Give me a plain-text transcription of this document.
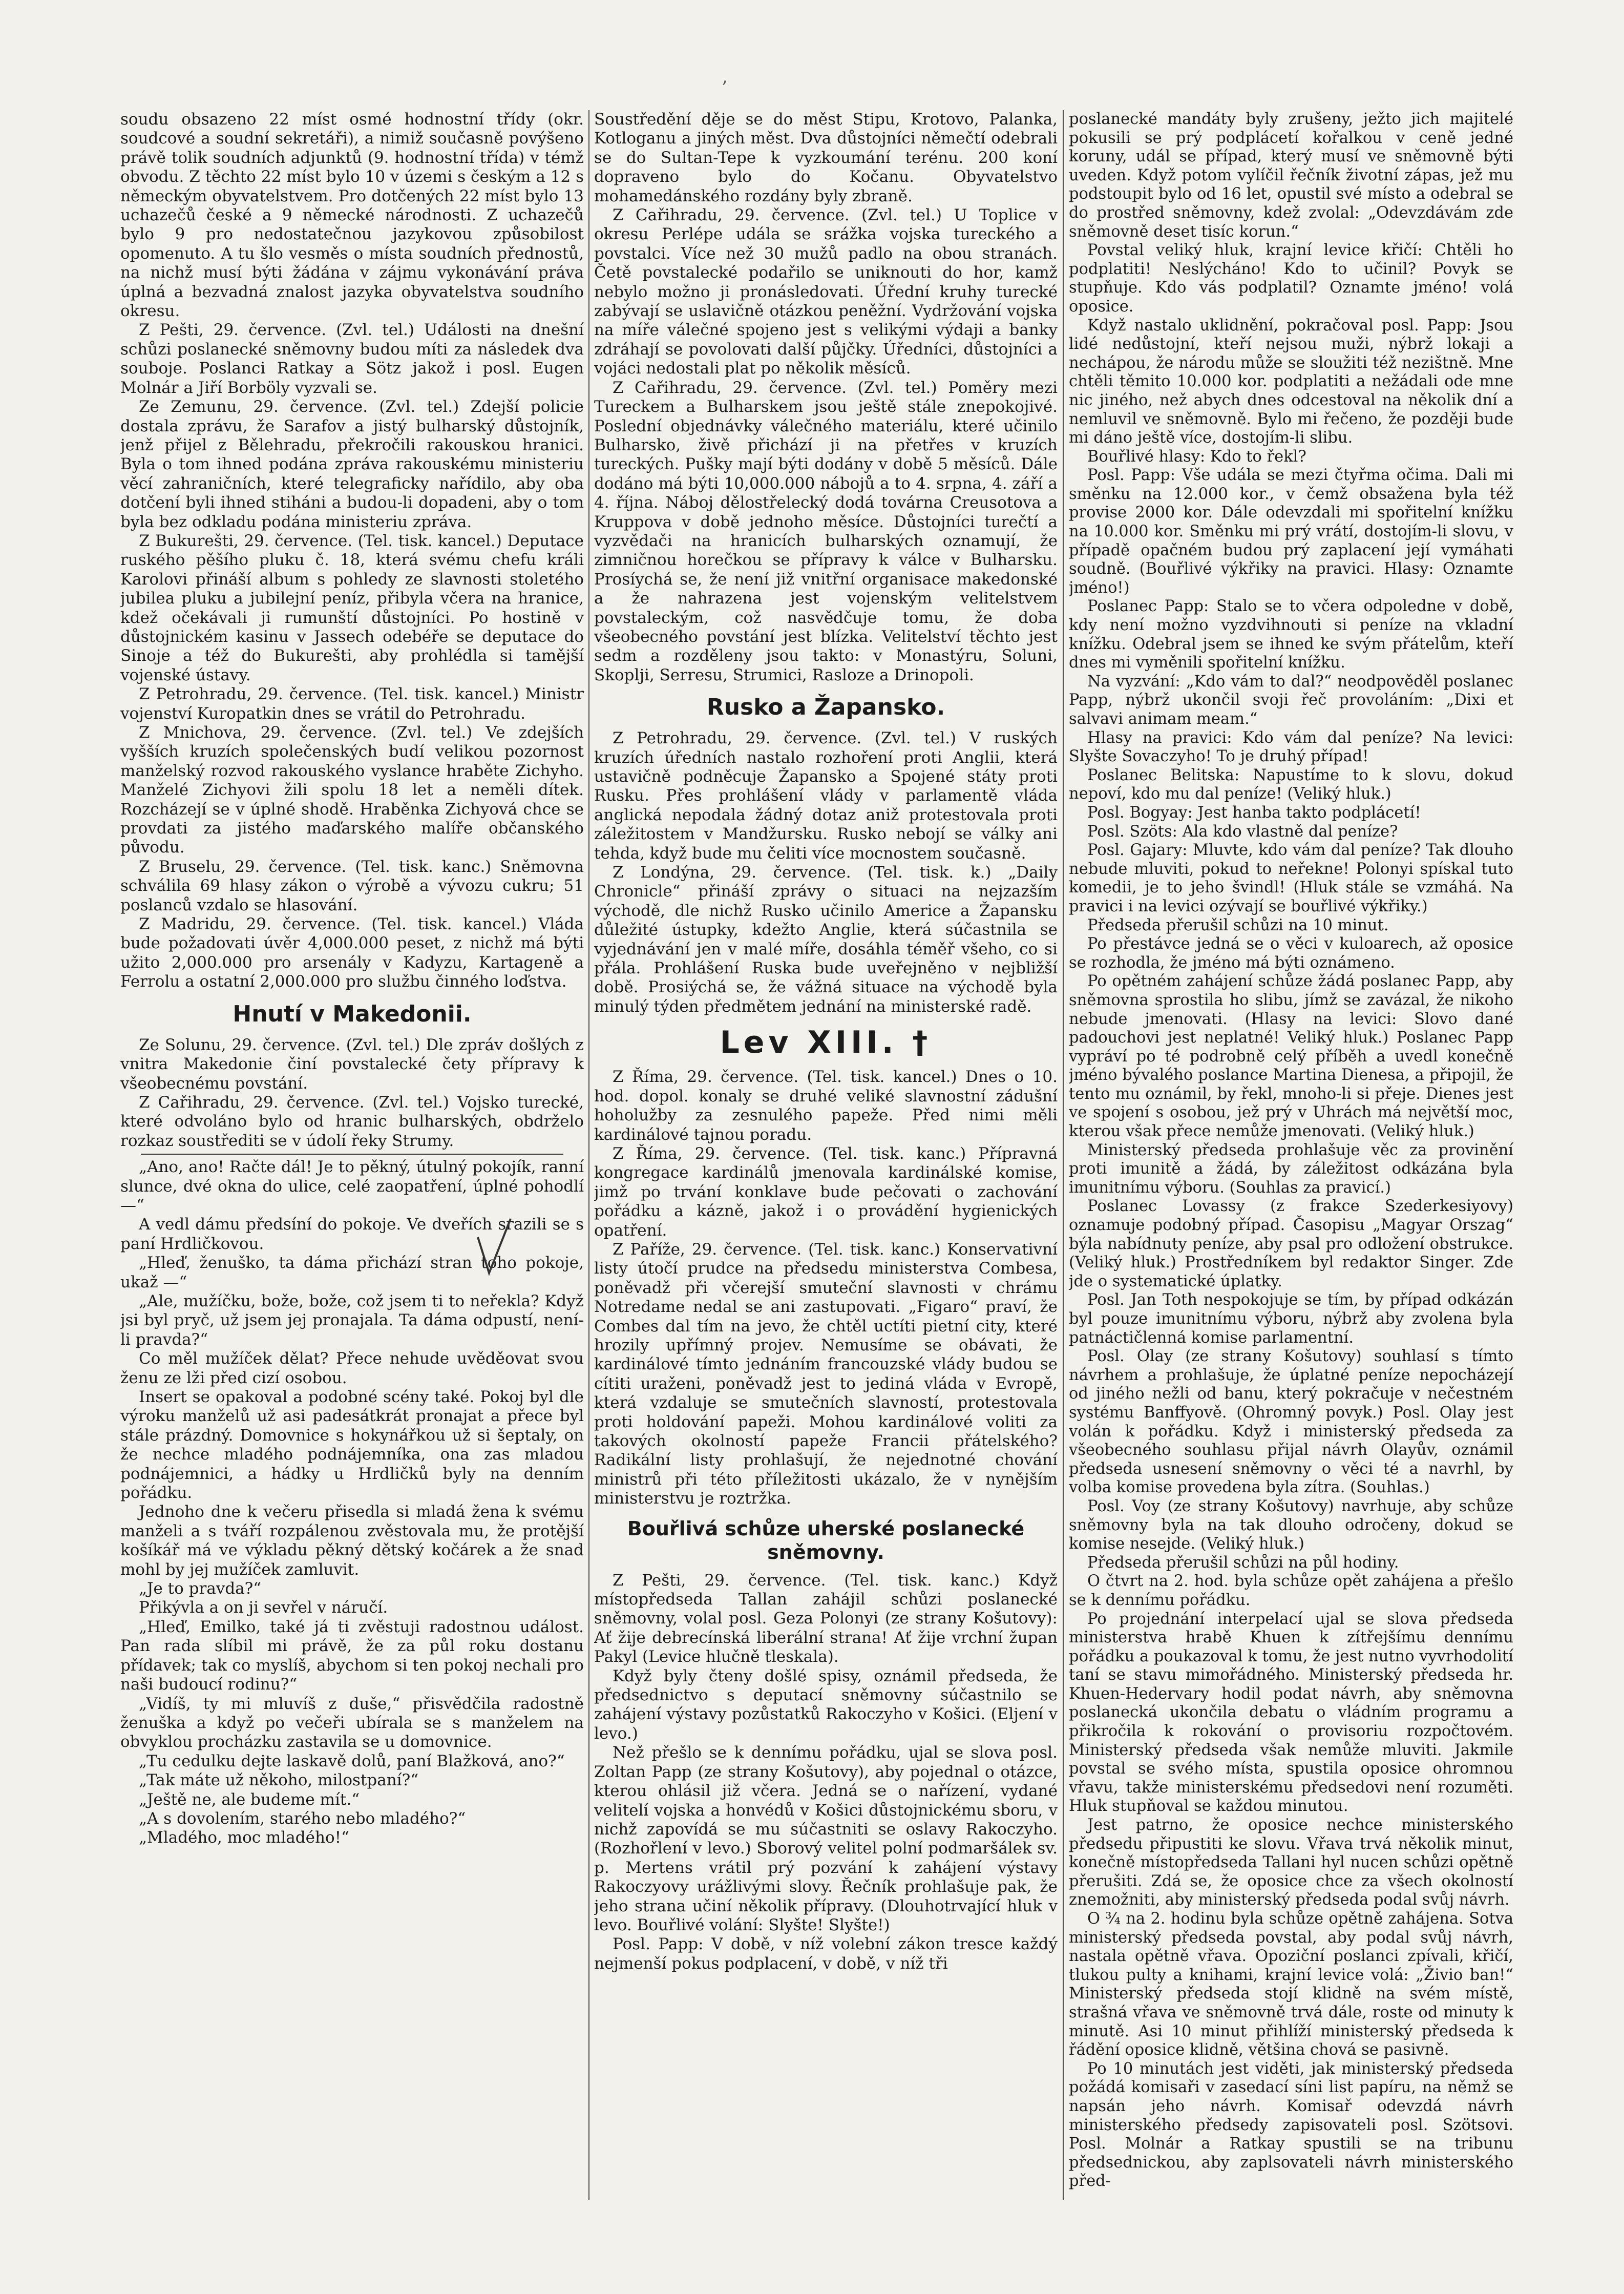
,

soudu obsazeno 22 míst osmé hodnostní třídy (okr. soudcové a soudní sekretáři), a nimiž současně povýšeno právě tolik soudních adjunktů (9. hodnostní třída) v témž obvodu. Z těchto 22 míst bylo 10 v územi s českým a 12 s německým obyvatelstvem. Pro dotčených 22 míst bylo 13 uchazečů české a 9 německé národnosti. Z uchazečů bylo 9 pro nedostatečnou jazykovou způsobilost opomenuto. A tu šlo vesměs o místa soudních přednostů, na nichž musí býti žádána v zájmu vykonávání práva úplná a bezvadná znalost jazyka obyvatelstva soudního okresu.

Z Pešti, 29. července. (Zvl. tel.) Události na dnešní schůzi poslanecké sněmovny budou míti za následek dva souboje. Poslanci Ratkay a Sötz jakož i posl. Eugen Molnár a Jiří Borböly vyzvali se.

Ze Zemunu, 29. července. (Zvl. tel.) Zdejší policie dostala zprávu, že Sarafov a jistý bulharský důstojník, jenž přijel z Bělehradu, překročili rakouskou hranici. Byla o tom ihned podána zpráva rakouskému ministeriu věcí zahraničních, které telegraficky nařídilo, aby oba dotčení byli ihned stiháni a budou-li dopadeni, aby o tom byla bez odkladu podána ministeriu zpráva.

Z Bukurešti, 29. července. (Tel. tisk. kancel.) Deputace ruského pěšího pluku č. 18, která svému chefu králi Karolovi přináší album s pohledy ze slavnosti stoletého jubilea pluku a jubilejní peníz, přibyla včera na hranice, kdež očekávali ji rumunští důstojníci. Po hostině v důstojnickém kasinu v Jassech odebéře se deputace do Sinoje a též do Bukurešti, aby prohlédla si tamější vojenské ústavy.

Z Petrohradu, 29. července. (Tel. tisk. kancel.) Ministr vojenství Kuropatkin dnes se vrátil do Petrohradu.

Z Mnichova, 29. července. (Zvl. tel.) Ve zdejších vyšších kruzích společenských budí velikou pozornost manželský rozvod rakouského vyslance hraběte Zichyho. Manželé Zichyovi žili spolu 18 let a neměli dítek. Rozcházejí se v úplné shodě. Hraběnka Zichyová chce se provdati za jistého maďarského malíře občanského původu.

Z Bruselu, 29. července. (Tel. tisk. kanc.) Sněmovna schválila 69 hlasy zákon o výrobě a vývozu cukru; 51 poslanců vzdalo se hlasování.

Z Madridu, 29. července. (Tel. tisk. kancel.) Vláda bude požadovati úvěr 4,000.000 peset, z nichž má býti užito 2,000.000 pro arsenály v Kadyzu, Kartageně a Ferrolu a ostatní 2,000.000 pro službu činného loďstva.

Hnutí v Makedonii.

Ze Solunu, 29. července. (Zvl. tel.) Dle zpráv došlých z vnitra Makedonie činí povstalecké čety přípravy k všeobecnému povstání.

Z Cařihradu, 29. července. (Zvl. tel.) Vojsko turecké, které odvoláno bylo od hranic bulharských, obdrželo rozkaz soustřediti se v údolí řeky Strumy.

„Ano, ano! Račte dál! Je to pěkný, útulný pokojík, ranní slunce, dvé okna do ulice, celé zaopatření, úplné pohodlí —“

A vedl dámu předsíní do pokoje. Ve dveřích srazili se s paní Hrdličkovou.

„Hleď, ženuško, ta dáma přichází stran toho pokoje, ukaž —“

„Ale, mužíčku, bože, bože, což jsem ti to neřekla? Když jsi byl pryč, už jsem jej pronajala. Ta dáma odpustí, není-li pravda?“

Co měl mužíček dělat? Přece nehude uvěděovat svou ženu ze lži před cizí osobou.

Insert se opakoval a podobné scény také. Pokoj byl dle výroku manželů už asi padesátkrát pronajat a přece byl stále prázdný. Domovnice s hokynářkou už si šeptaly, on že nechce mladého podnájemníka, ona zas mladou podnájemnici, a hádky u Hrdličků byly na denním pořádku.

Jednoho dne k večeru přisedla si mladá žena k svému manželi a s tváří rozpálenou zvěstovala mu, že protější košíkář má ve výkladu pěkný dětský kočárek a že snad mohl by jej mužíček zamluvit.

„Je to pravda?“

Přikývla a on ji sevřel v náručí.

„Hleď, Emilko, také já ti zvěstuji radostnou událost. Pan rada slíbil mi právě, že za půl roku dostanu přídavek; tak co myslíš, abychom si ten pokoj nechali pro naši budoucí rodinu?“

„Vidíš, ty mi mluvíš z duše,“ přisvědčila radostně ženuška a když po večeři ubírala se s manželem na obvyklou procházku zastavila se u domovnice.

„Tu cedulku dejte laskavě dolů, paní Blažková, ano?“

„Tak máte už někoho, milostpaní?“

„Ještě ne, ale budeme mít.“

„A s dovolením, starého nebo mladého?“

„Mladého, moc mladého!“

Soustředění děje se do měst Stipu, Krotovo, Palanka, Kotloganu a jiných měst. Dva důstojníci němečtí odebrali se do Sultan-Tepe k vyzkoumání terénu. 200 koní dopraveno bylo do Kočanu. Obyvatelstvo mohamedánského rozdány byly zbraně.

Z Cařihradu, 29. července. (Zvl. tel.) U Toplice v okresu Perlépe udála se srážka vojska tureckého a povstalci. Více než 30 mužů padlo na obou stranách. Četě povstalecké podařilo se uniknouti do hor, kamž nebylo možno ji pronásledovati. Úřední kruhy turecké zabývají se uslavičně otázkou peněžní. Vydržování vojska na míře válečné spojeno jest s velikými výdaji a banky zdráhají se povolovati další půjčky. Úředníci, důstojníci a vojáci nedostali plat po několik měsíců.

Z Cařihradu, 29. července. (Zvl. tel.) Poměry mezi Tureckem a Bulharskem jsou ještě stále znepokojivé. Poslední objednávky válečného materiálu, které učinilo Bulharsko, živě přichází ji na přetřes v kruzích tureckých. Pušky mají býti dodány v době 5 měsíců. Dále dodáno má býti 10,000.000 nábojů a to 4. srpna, 4. září a 4. října. Náboj dělostřelecký dodá továrna Creusotova a Kruppova v době jednoho měsíce. Důstojníci turečtí a vyzvědači na hranicích bulharských oznamují, že zimničnou horečkou se přípravy k válce v Bulharsku. Prosíychá se, že není již vnitřní organisace makedonské a že nahrazena jest vojenským velitelstvem povstaleckým, což nasvědčuje tomu, že doba všeobecného povstání jest blízka. Velitelství těchto jest sedm a rozděleny jsou takto: v Monastýru, Soluni, Skoplji, Serresu, Strumici, Rasloze a Drinopoli.

Rusko a Žapansko.

Z Petrohradu, 29. července. (Zvl. tel.) V ruských kruzích úředních nastalo rozhoření proti Anglii, která ustavičně podněcuje Žapansko a Spojené státy proti Rusku. Přes prohlášení vlády v parlamentě vláda anglická nepodala žádný dotaz aniž protestovala proti záležitostem v Mandžursku. Rusko nebojí se války ani tehda, když bude mu čeliti více mocnostem současně.

Z Londýna, 29. července. (Tel. tisk. k.) „Daily Chronicle“ přináší zprávy o situaci na nejzazším východě, dle nichž Rusko učinilo Americe a Žapansku důležité ústupky, kdežto Anglie, která súčastnila se vyjednávání jen v malé míře, dosáhla téměř všeho, co si přála. Prohlášení Ruska bude uveřejněno v nejbližší době. Prosiýchá se, že vážná situace na východě byla minulý týden předmětem jednání na ministerské radě.

Lev XIII. †

Z Říma, 29. července. (Tel. tisk. kancel.) Dnes o 10. hod. dopol. konaly se druhé veliké slavnostní zádušní hoholužby za zesnulého papeže. Před nimi měli kardinálové tajnou poradu.

Z Říma, 29. července. (Tel. tisk. kanc.) Přípravná kongregace kardinálů jmenovala kardinálské komise, jimž po trvání konklave bude pečovati o zachování pořádku a kázně, jakož i o provádění hygienických opatření.

Z Paříže, 29. července. (Tel. tisk. kanc.) Konservativní listy útočí prudce na předsedu ministerstva Combesa, poněvadž při včerejší smuteční slavnosti v chrámu Notredame nedal se ani zastupovati. „Figaro“ praví, že Combes dal tím na jevo, že chtěl uctíti pietní city, které hrozily upřímný projev. Nemusíme se obávati, že kardinálové tímto jednáním francouzské vlády budou se cítiti uraženi, poněvadž jest to jediná vláda v Evropě, která vzdaluje se smutečních slavností, protestovala proti holdování papeži. Mohou kardinálové voliti za takových okolností papeže Francii přátelského? Radikální listy prohlašují, že nejednotné chování ministrů při této příležitosti ukázalo, že v nynějším ministerstvu je roztržka.

Bouřlivá schůze uherské poslanecké sněmovny.

Z Pešti, 29. července. (Tel. tisk. kanc.) Když místopředseda Tallan zahájil schůzi poslanecké sněmovny, volal posl. Geza Polonyi (ze strany Košutovy): Ať žije debrecínská liberální strana! Ať žije vrchní župan Pakyl (Levice hlučně tleskala).

Když byly čteny došlé spisy, oznámil předseda, že předsednictvo s deputací sněmovny súčastnilo se zahájení výstavy pozůstatků Rakoczyho v Košici. (Eljení v levo.)

Než přešlo se k dennímu pořádku, ujal se slova posl. Zoltan Papp (ze strany Košutovy), aby pojednal o otázce, kterou ohlásil již včera. Jedná se o nařízení, vydané velitelí vojska a honvédů v Košici důstojnickému sboru, v nichž zapovídá se mu súčastniti se oslavy Rakoczyho. (Rozhořlení v levo.) Sborový velitel polní podmaršálek sv. p. Mertens vrátil prý pozvání k zahájení výstavy Rakoczyovy urážlivými slovy. Řečník prohlašuje pak, že jeho strana učiní několik přípravy. (Dlouhotrvající hluk v levo. Bouřlivé volání: Slyšte! Slyšte!)

Posl. Papp: V době, v níž volební zákon tresce každý nejmenší pokus podplacení, v době, v níž tři

poslanecké mandáty byly zrušeny, ježto jich majitelé pokusili se prý podplácetí kořalkou v ceně jedné koruny, udál se případ, který musí ve sněmovně býti uveden. Když potom vylíčil řečník životní zápas, jež mu podstoupit bylo od 16 let, opustil své místo a odebral se do prostřed sněmovny, kdež zvolal: „Odevzdávám zde sněmovně deset tisíc korun.“

Povstal veliký hluk, krajní levice křičí: Chtěli ho podplatiti! Neslýcháno! Kdo to učinil? Povyk se stupňuje. Kdo vás podplatil? Oznamte jméno! volá oposice.

Když nastalo uklidnění, pokračoval posl. Papp: Jsou lidé nedůstojní, kteří nejsou muži, nýbrž lokaji a nechápou, že národu může se sloužiti též nezištně. Mne chtěli těmito 10.000 kor. podplatiti a nežádali ode mne nic jiného, než abych dnes odcestoval na několik dní a nemluvil ve sněmovně. Bylo mi řečeno, že později bude mi dáno ještě více, dostojím-li slibu.

Bouřlivé hlasy: Kdo to řekl?

Posl. Papp: Vše udála se mezi čtyřma očima. Dali mi směnku na 12.000 kor., v čemž obsažena byla též provise 2000 kor. Dále odevzdali mi spořitelní knížku na 10.000 kor. Směnku mi prý vrátí, dostojím-li slovu, v případě opačném budou prý zaplacení její vymáhati soudně. (Bouřlivé výkřiky na pravici. Hlasy: Oznamte jméno!)

Poslanec Papp: Stalo se to včera odpoledne v době, kdy není možno vyzdvihnouti si peníze na vkladní knížku. Odebral jsem se ihned ke svým přátelům, kteří dnes mi vyměnili spořitelní knížku.

Na vyzvání: „Kdo vám to dal?“ neodpověděl poslanec Papp, nýbrž ukončil svoji řeč provoláním: „Dixi et salvavi animam meam.“

Hlasy na pravici: Kdo vám dal peníze? Na levici: Slyšte Sovaczyho! To je druhý případ!

Poslanec Belitska: Napustíme to k slovu, dokud nepoví, kdo mu dal peníze! (Veliký hluk.)

Posl. Bogyay: Jest hanba takto podplácetí!

Posl. Szöts: Ala kdo vlastně dal peníze?

Posl. Gajary: Mluvte, kdo vám dal peníze? Tak dlouho nebude mluviti, pokud to neřekne! Polonyi spískal tuto komedii, je to jeho švindl! (Hluk stále se vzmáhá. Na pravici i na levici ozývají se bouřlivé výkřiky.)

Předseda přerušil schůzi na 10 minut.

Po přestávce jedná se o věci v kuloarech, až oposice se rozhodla, že jméno má býti oznámeno.

Po opětném zahájení schůze žádá poslanec Papp, aby sněmovna sprostila ho slibu, jímž se zavázal, že nikoho nebude jmenovati. (Hlasy na levici: Slovo dané padouchovi jest neplatné! Veliký hluk.) Poslanec Papp vypráví po té podrobně celý příběh a uvedl konečně jméno bývalého poslance Martina Dienesa, a připojil, že tento mu oznámil, by řekl, mnoho-li si přeje. Dienes jest ve spojení s osobou, jež prý v Uhrách má největší moc, kterou však přece nemůže jmenovati. (Veliký hluk.)

Ministerský předseda prohlašuje věc za provinění proti imunitě a žádá, by záležitost odkázána byla imunitnímu výboru. (Souhlas za pravicí.)

Poslanec Lovassy (z frakce Szederkesiyovy) oznamuje podobný případ. Časopisu „Magyar Orszag“ býla nabídnuty peníze, aby psal pro odložení obstrukce. (Veliký hluk.) Prostředníkem byl redaktor Singer. Zde jde o systematické úplatky.

Posl. Jan Toth nespokojuje se tím, by případ odkázán byl pouze imunitnímu výboru, nýbrž aby zvolena byla patnáctičlenná komise parlamentní.

Posl. Olay (ze strany Košutovy) souhlasí s tímto návrhem a prohlašuje, že úplatné peníze nepocházejí od jiného nežli od banu, který pokračuje v nečestném systému Banffyově. (Ohromný povyk.) Posl. Olay jest volán k pořádku. Když i ministerský předseda za všeobecného souhlasu přijal návrh Olayův, oznámil předseda usnesení sněmovny o věci té a navrhl, by volba komise provedena byla zítra. (Souhlas.)

Posl. Voy (ze strany Košutovy) navrhuje, aby schůze sněmovny byla na tak dlouho odročeny, dokud se komise nesejde. (Veliký hluk.)

Předseda přerušil schůzi na půl hodiny.

O čtvrt na 2. hod. byla schůze opět zahájena a přešlo se k dennímu pořádku.

Po projednání interpelací ujal se slova předseda ministerstva hrabě Khuen k zítřejšímu dennímu pořádku a poukazoval k tomu, že jest nutno vyvrhodolití taní se stavu mimořádného. Ministerský předseda hr. Khuen-Hedervary hodil podat návrh, aby sněmovna poslanecká ukončila debatu o vládním programu a přikročila k rokování o provisoriu rozpočtovém. Ministerský předseda však nemůže mluviti. Jakmile povstal se svého místa, spustila oposice ohromnou vřavu, takže ministerskému předsedovi není rozuměti. Hluk stupňoval se každou minutou.

Jest patrno, že oposice nechce ministerského předsedu připustiti ke slovu. Vřava trvá několik minut, konečně místopředseda Tallani hyl nucen schůzi opětně přerušiti. Zdá se, že oposice chce za všech okolností znemožniti, aby ministerský předseda podal svůj návrh.

O ¾ na 2. hodinu byla schůze opětně zahájena. Sotva ministerský předseda povstal, aby podal svůj návrh, nastala opětně vřava. Opoziční poslanci zpívali, křičí, tlukou pulty a knihami, krajní levice volá: „Živio ban!“ Ministerský předseda stojí klidně na svém místě, strašná vřava ve sněmovně trvá dále, roste od minuty k minutě. Asi 10 minut přihlíží ministerský předseda k řádění oposice klidně, většina chová se pasivně.

Po 10 minutách jest viděti, jak ministerský předseda požádá komisaři v zasedací síni list papíru, na němž se napsán jeho návrh. Komisař odevzdá návrh ministerského předsedy zapisovateli posl. Szötsovi. Posl. Molnár a Ratkay spustili se na tribunu předsednickou, aby zaplsovateli návrh ministerského před-
